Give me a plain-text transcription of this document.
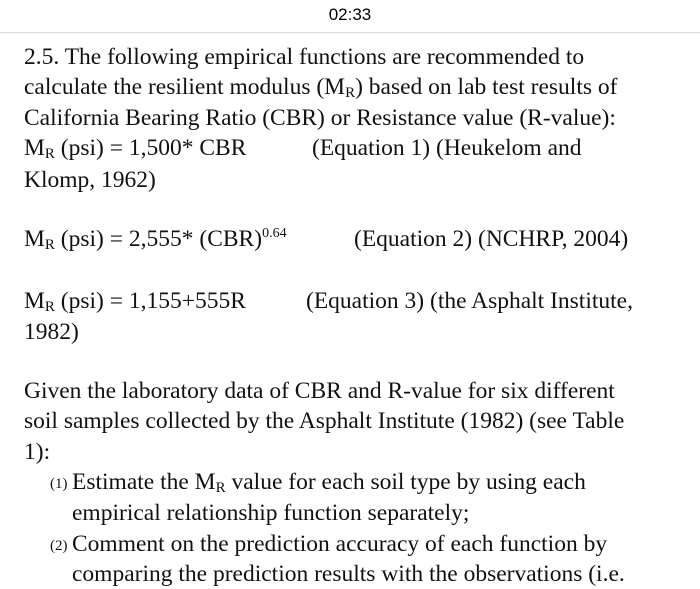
02:33
2.5. The following empirical functions are recommended to
calculate the resilient modulus $(M_R)$ based on lab test results of
California Bearing Ratio (CBR) or Resistance value (R-value):
$M_R$ (psi) = 1,500* CBR	(Equation 1) (Heukelom and
Klomp, 1962)
$M_R$ (psi) = 2,555* (CBR)$^{0.64}$	(Equation 2) (NCHRP, 2004)
$M_R$ (psi) = 1,155+555R	(Equation 3) (the Asphalt Institute,
1982)
Given the laboratory data of CBR and R-value for six different
soil samples collected by the Asphalt Institute (1982) (see Table
1):
(1) Estimate the $M_R$ value for each soil type by using each
empirical relationship function separately;
(2) Comment on the prediction accuracy of each function by
comparing the prediction results with the observations (i.e.
